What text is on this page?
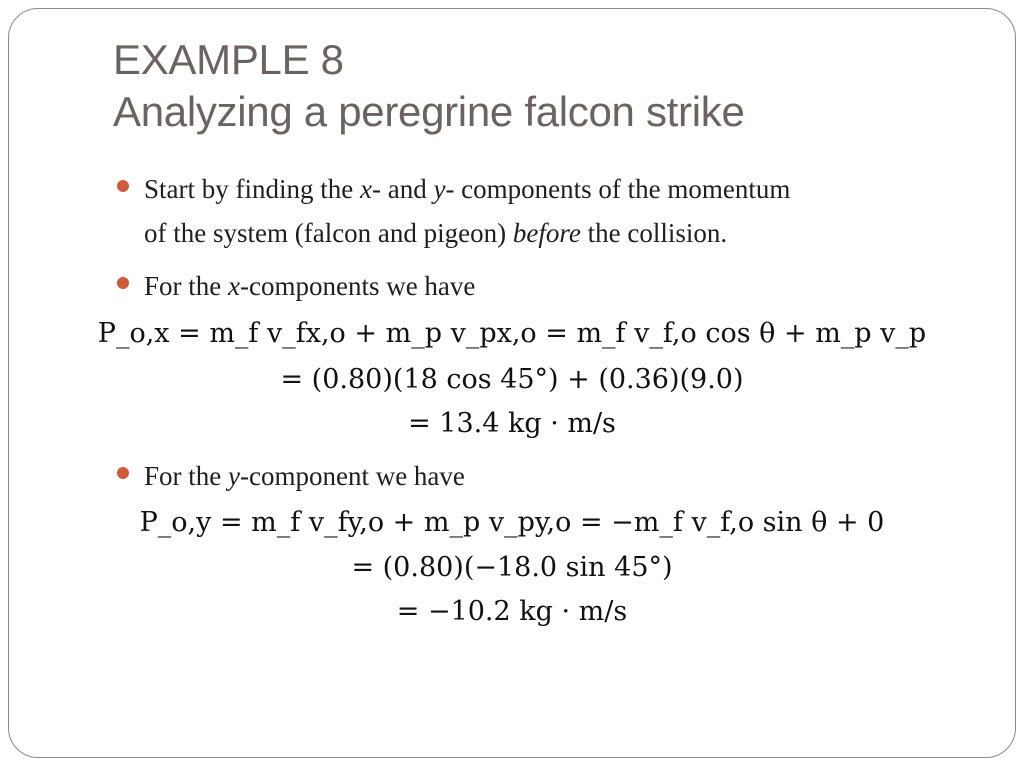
EXAMPLE 8
Analyzing a peregrine falcon strike
Start by finding the x- and y- components of the momentum
of the system (falcon and pigeon) before the collision.
For the x-components we have
P_o,x = m_f v_fx,o + m_p v_px,o = m_f v_f,o cos θ + m_p v_p
= (0.80)(18 cos 45°) + (0.36)(9.0)
= 13.4 kg · m/s
For the y-component we have
P_o,y = m_f v_fy,o + m_p v_py,o = −m_f v_f,o sin θ + 0
= (0.80)(−18.0 sin 45°)
= −10.2 kg · m/s
